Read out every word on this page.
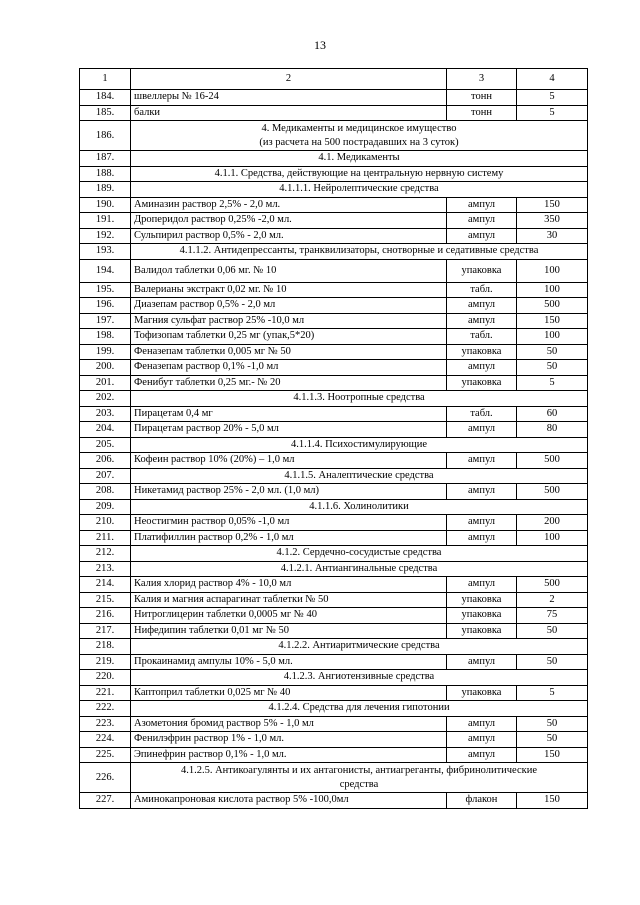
13
1	2	3	4
184.	швеллеры № 16-24	тонн	5
185.	балки	тонн	5
186.	4. Медикаменты и медицинское имущество
(из расчета на 500 пострадавших на 3 суток)		
187.	4.1. Медикаменты		
188.	4.1.1. Средства, действующие на центральную нервную систему		
189.	4.1.1.1. Нейролептические средства		
190.	Аминазин раствор 2,5% - 2,0 мл.	ампул	150
191.	Дроперидол раствор 0,25% -2,0 мл.	ампул	350
192.	Сульпирил раствор 0,5% - 2,0 мл.	ампул	30
193.	4.1.1.2. Антидепрессанты, транквилизаторы, снотворные и седативные средства		
194.	Валидол таблетки 0,06 мг. № 10	упаковка	100
195.	Валерианы экстракт 0,02 мг. № 10	табл.	100
196.	Диазепам раствор 0,5% - 2,0 мл	ампул	500
197.	Магния сульфат раствор 25% -10,0 мл	ампул	150
198.	Тофизопам таблетки 0,25 мг (упак,5*20)	табл.	100
199.	Феназепам таблетки 0,005 мг № 50	упаковка	50
200.	Феназепам раствор 0,1% -1,0 мл	ампул	50
201.	Фенибут таблетки 0,25 мг.- № 20	упаковка	5
202.	4.1.1.3. Ноотропные средства		
203.	Пирацетам 0,4 мг	табл.	60
204.	Пирацетам раствор 20% - 5,0 мл	ампул	80
205.	4.1.1.4. Психостимулирующие		
206.	Кофеин раствор 10% (20%) – 1,0 мл	ампул	500
207.	4.1.1.5. Аналептические средства		
208.	Никетамид раствор 25% - 2,0 мл. (1,0 мл)	ампул	500
209.	4.1.1.6. Холинолитики		
210.	Неостигмин раствор 0,05% -1,0 мл	ампул	200
211.	Платифиллин раствор 0,2% - 1,0 мл	ампул	100
212.	4.1.2. Сердечно-сосудистые средства		
213.	4.1.2.1. Антиангинальные средства		
214.	Калия хлорид раствор 4% - 10,0 мл	ампул	500
215.	Калия и магния аспарагинат таблетки № 50	упаковка	2
216.	Нитроглицерин таблетки 0,0005 мг № 40	упаковка	75
217.	Нифедипин таблетки 0,01 мг № 50	упаковка	50
218.	4.1.2.2. Антиаритмические средства		
219.	Прокаинамид ампулы 10% - 5,0 мл.	ампул	50
220.	4.1.2.3. Ангиотензивные средства		
221.	Каптоприл таблетки 0,025 мг № 40	упаковка	5
222.	4.1.2.4. Средства для лечения гипотонии		
223.	Азометония бромид раствор 5% - 1,0 мл	ампул	50
224.	Фенилэфрин раствор 1% - 1,0 мл.	ампул	50
225.	Эпинефрин раствор 0,1% - 1,0 мл.	ампул	150
226.	4.1.2.5. Антикоагулянты и их антагонисты, антиагреганты, фибринолитические
средства		
227.	Аминокапроновая кислота раствор 5% -100,0мл	флакон	150
